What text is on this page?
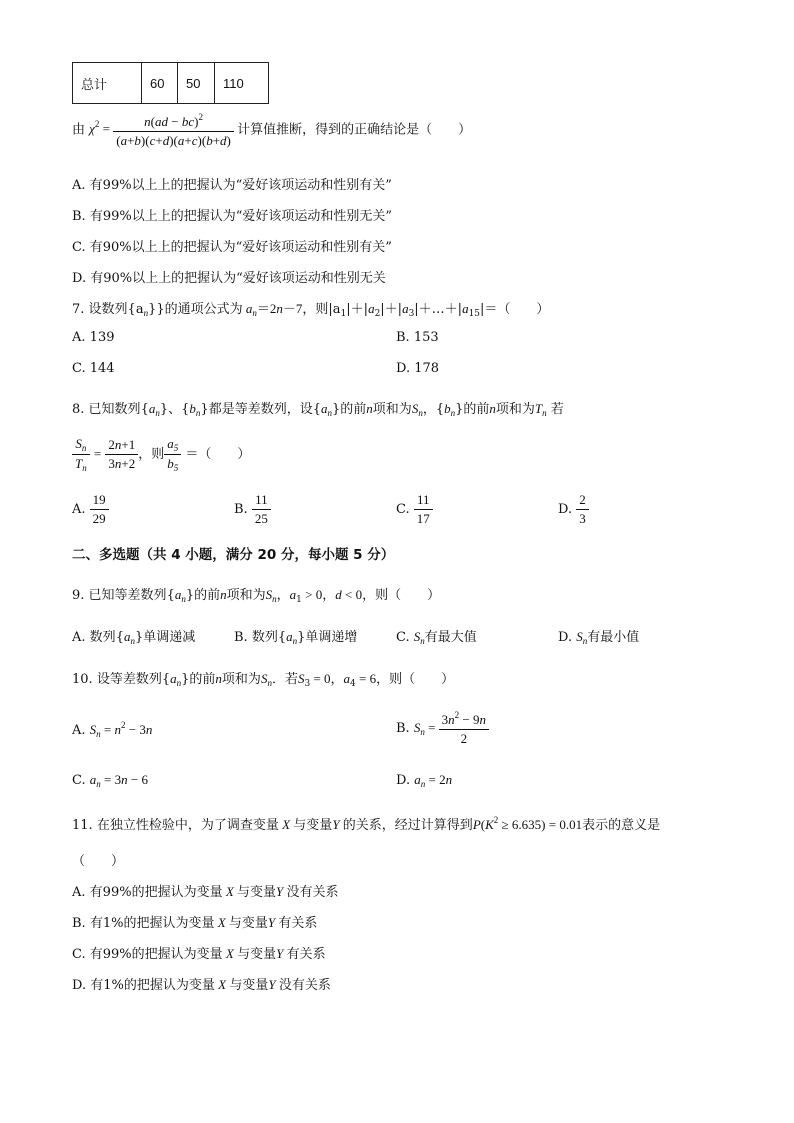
总计	60	50	110
由 $\chi^2 = \frac{n(ad - bc)^2}{(a+b)(c+d)(a+c)(b+d)}$ 计算值推断，得到的正确结论是（　　）
A. 有99%以上上的把握认为“爱好该项运动和性别有关”
B. 有99%以上上的把握认为“爱好该项运动和性别无关”
C. 有90%以上上的把握认为“爱好该项运动和性别有关”
D. 有90%以上上的把握认为“爱好该项运动和性别无关
7. 设数列$\{a_n\}$}的通项公式为 $a_n=2n-7$，则$|a_1|+|a_2|+|a_3|+\dots+|a_{15}|=$（　　）
A. 139	B. 153
C. 144	D. 178
8. 已知数列$\{a_n\}$、$\{b_n\}$都是等差数列，设$\{a_n\}$的前n项和为$S_n$，$\{b_n\}$的前n项和为$T_n$ 若
$\frac{S_n}{T_n} = \frac{2n+1}{3n+2}$ ，则 $\frac{a_5}{b_5}$ ＝（　　）
A. $\frac{19}{29}$	B. $\frac{11}{25}$	C. $\frac{11}{17}$	D. $\frac{2}{3}$
二、多选题（共 4 小题，满分 20 分，每小题 5 分）
9. 已知等差数列$\{a_n\}$的前n项和为$S_n$，$a_1 > 0$，d < 0，则（　　）
A. 数列$\{a_n\}$单调递减	B. 数列$\{a_n\}$单调递增	C. $S_n$有最大值	D. $S_n$有最小值
10. 设等差数列$\{a_n\}$的前n项和为$S_n$．若$S_3 = 0$，$a_4 = 6$，则（　　）
A. $S_n = n^2 - 3n$	B. $S_n = \frac{3n^2 - 9n}{2}$
C. $a_n = 3n - 6$	D. $a_n = 2n$
11. 在独立性检验中，为了调查变量 X 与变量Y 的关系，经过计算得到$P(K^2 \ge 6.635) = 0.01$表示的意义是
（　　）
A. 有99%的把握认为变量 X 与变量Y 没有关系
B. 有1%的把握认为变量 X 与变量Y 有关系
C. 有99%的把握认为变量 X 与变量Y 有关系
D. 有1%的把握认为变量 X 与变量Y 没有关系
